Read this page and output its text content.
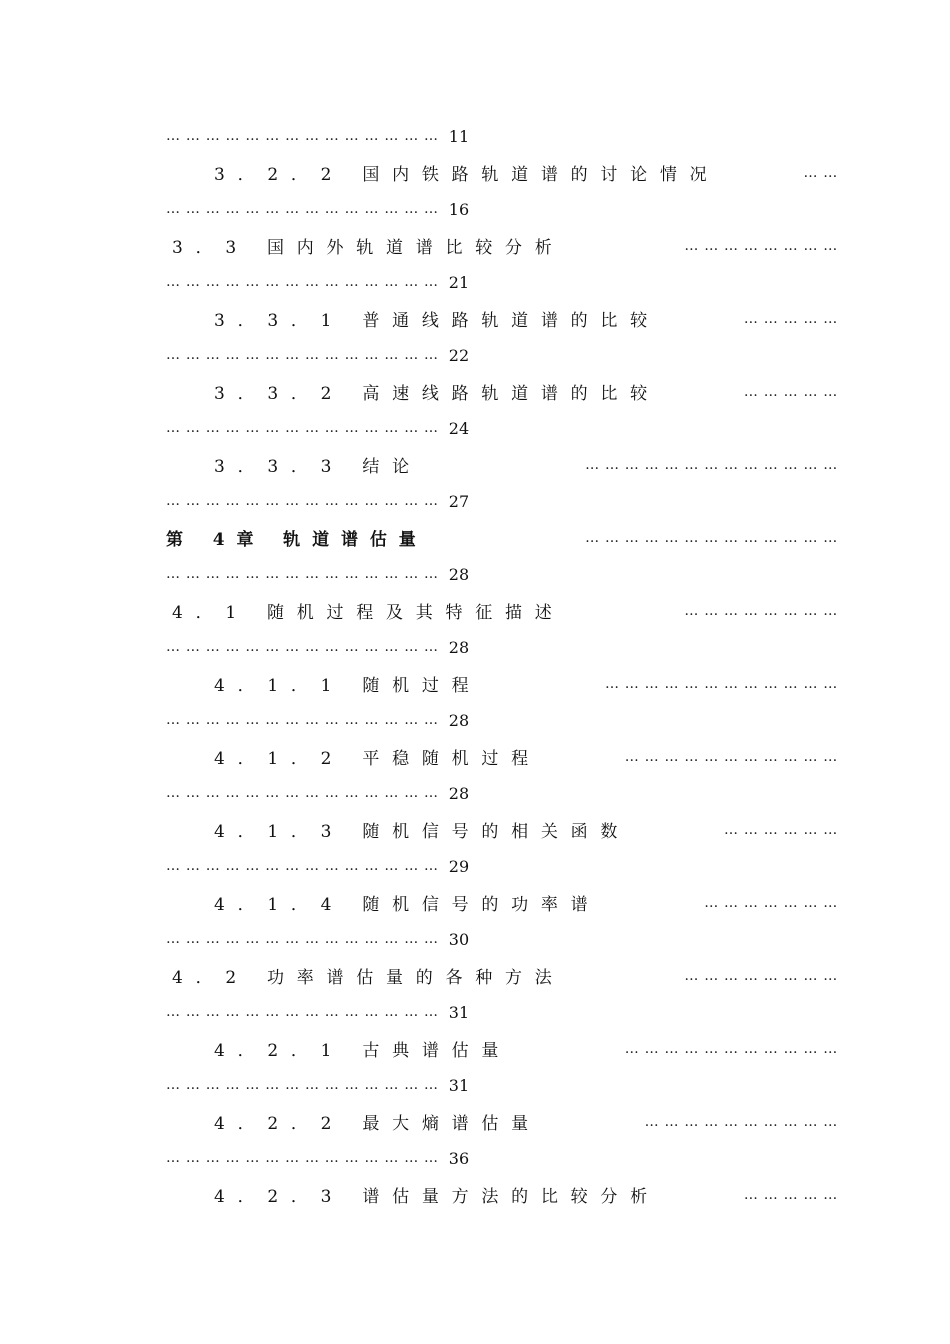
… … … … … … … … … … … … … … 11
3．2．2 国内铁路轨道谱的讨论情况	… …
… … … … … … … … … … … … … … 16
3．3 国内外轨道谱比较分析	… … … … … … … …
… … … … … … … … … … … … … … 21
3．3．1 普通线路轨道谱的比较	… … … … …
… … … … … … … … … … … … … … 22
3．3．2 高速线路轨道谱的比较	… … … … …
… … … … … … … … … … … … … … 24
3．3．3 结论	… … … … … … … … … … … … …
… … … … … … … … … … … … … … 27
第 4章 轨道谱估量	… … … … … … … … … … … … …
… … … … … … … … … … … … … … 28
4．1 随机过程及其特征描述	… … … … … … … …
… … … … … … … … … … … … … … 28
4．1．1 随机过程	… … … … … … … … … … … …
… … … … … … … … … … … … … … 28
4．1．2 平稳随机过程	… … … … … … … … … … …
… … … … … … … … … … … … … … 28
4．1．3 随机信号的相关函数	… … … … … …
… … … … … … … … … … … … … … 29
4．1．4 随机信号的功率谱	… … … … … … …
… … … … … … … … … … … … … … 30
4．2 功率谱估量的各种方法	… … … … … … … …
… … … … … … … … … … … … … … 31
4．2．1 古典谱估量	… … … … … … … … … … …
… … … … … … … … … … … … … … 31
4．2．2 最大熵谱估量	… … … … … … … … … …
… … … … … … … … … … … … … … 36
4．2．3 谱估量方法的比较分析	… … … … …
